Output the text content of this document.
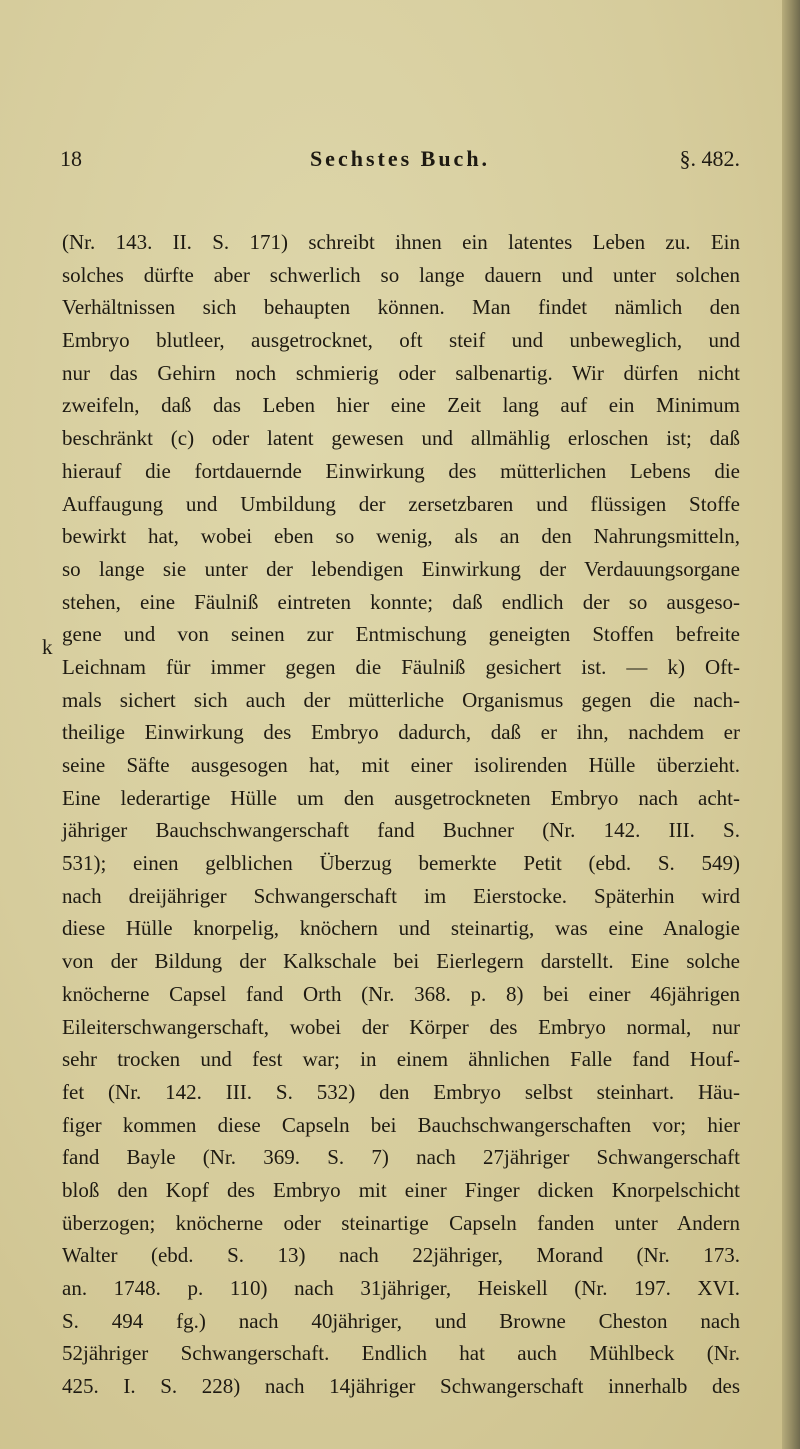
18	Sechstes Buch.	§. 482.
k
(Nr. 143. II. S. 171) schreibt ihnen ein latentes Leben zu. Ein
solches dürfte aber schwerlich so lange dauern und unter solchen
Verhältnissen sich behaupten können. Man findet nämlich den
Embryo blutleer, ausgetrocknet, oft steif und unbeweglich, und
nur das Gehirn noch schmierig oder salbenartig. Wir dürfen nicht
zweifeln, daß das Leben hier eine Zeit lang auf ein Minimum
beschränkt (c) oder latent gewesen und allmählig erloschen ist; daß
hierauf die fortdauernde Einwirkung des mütterlichen Lebens die
Auffaugung und Umbildung der zersetzbaren und flüssigen Stoffe
bewirkt hat, wobei eben so wenig, als an den Nahrungsmitteln,
so lange sie unter der lebendigen Einwirkung der Verdauungsorgane
stehen, eine Fäulniß eintreten konnte; daß endlich der so ausgeso-
gene und von seinen zur Entmischung geneigten Stoffen befreite
Leichnam für immer gegen die Fäulniß gesichert ist. — k) Oft-
mals sichert sich auch der mütterliche Organismus gegen die nach-
theilige Einwirkung des Embryo dadurch, daß er ihn, nachdem er
seine Säfte ausgesogen hat, mit einer isolirenden Hülle überzieht.
Eine lederartige Hülle um den ausgetrockneten Embryo nach acht-
jähriger Bauchschwangerschaft fand Buchner (Nr. 142. III. S.
531); einen gelblichen Überzug bemerkte Petit (ebd. S. 549)
nach dreijähriger Schwangerschaft im Eierstocke. Späterhin wird
diese Hülle knorpelig, knöchern und steinartig, was eine Analogie
von der Bildung der Kalkschale bei Eierlegern darstellt. Eine solche
knöcherne Capsel fand Orth (Nr. 368. p. 8) bei einer 46jährigen
Eileiterschwangerschaft, wobei der Körper des Embryo normal, nur
sehr trocken und fest war; in einem ähnlichen Falle fand Houf-
fet (Nr. 142. III. S. 532) den Embryo selbst steinhart. Häu-
figer kommen diese Capseln bei Bauchschwangerschaften vor; hier
fand Bayle (Nr. 369. S. 7) nach 27jähriger Schwangerschaft
bloß den Kopf des Embryo mit einer Finger dicken Knorpelschicht
überzogen; knöcherne oder steinartige Capseln fanden unter Andern
Walter (ebd. S. 13) nach 22jähriger, Morand (Nr. 173.
an. 1748. p. 110) nach 31jähriger, Heiskell (Nr. 197. XVI.
S. 494 fg.) nach 40jähriger, und Browne Cheston nach
52jähriger Schwangerschaft. Endlich hat auch Mühlbeck (Nr.
425. I. S. 228) nach 14jähriger Schwangerschaft innerhalb des
